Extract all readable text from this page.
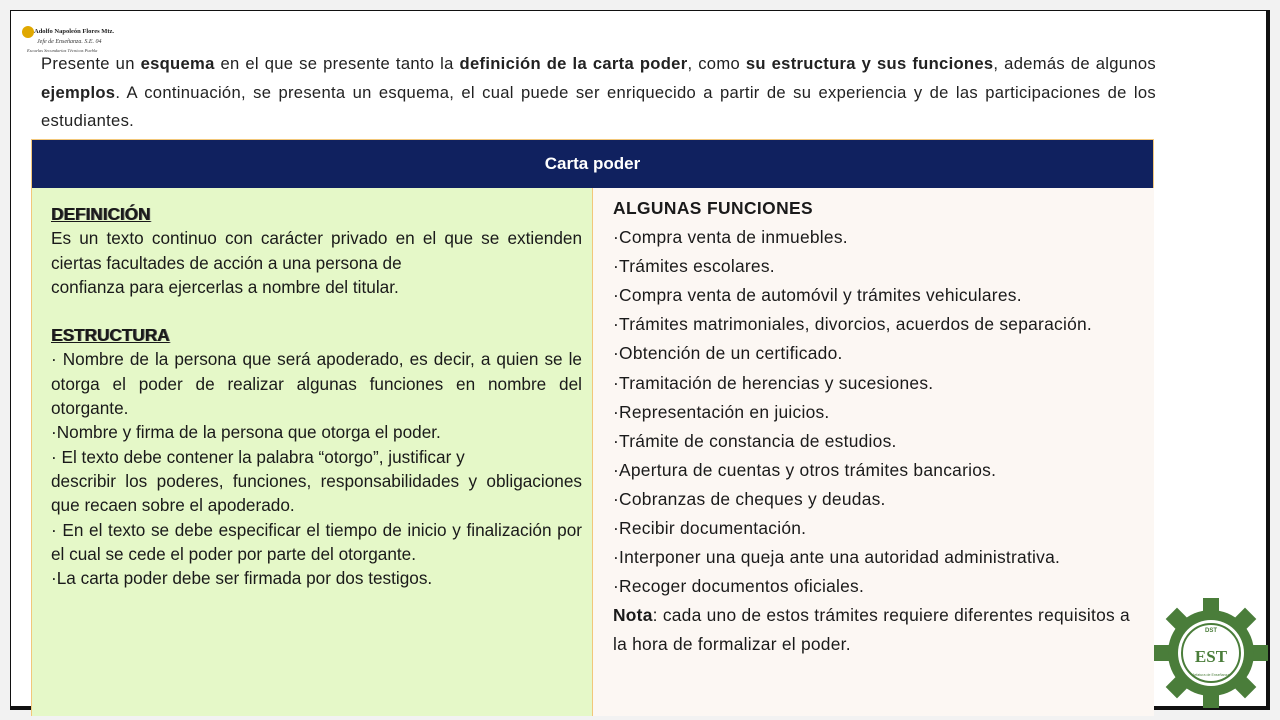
Adolfo Napoleón Flores Mtz.
Jefe de Enseñanza. S.E. 04
Escuelas Secundarias Técnicas Puebla
Presente un esquema en el que se presente tanto la definición de la carta poder, como su estructura y sus funciones, además de algunos ejemplos. A continuación, se presenta un esquema, el cual puede ser enriquecido a partir de su experiencia y de las participaciones de los estudiantes.
Carta poder
DEFINICIÓN
Es un texto continuo con carácter privado en el que se extienden ciertas facultades de acción a una persona de
confianza para ejercerlas a nombre del titular.
ESTRUCTURA
· Nombre de la persona que será apoderado, es decir, a quien se le otorga el poder de realizar algunas funciones en nombre del otorgante.
·Nombre y firma de la persona que otorga el poder.
· El texto debe contener la palabra “otorgo”, justificar y
describir los poderes, funciones, responsabilidades y obligaciones que recaen sobre el apoderado.
· En el texto se debe especificar el tiempo de inicio y finalización por el cual se cede el poder por parte del otorgante.
·La carta poder debe ser firmada por dos testigos.
ALGUNAS FUNCIONES
·Compra venta de inmuebles.
·Trámites escolares.
·Compra venta de automóvil y trámites vehiculares.
·Trámites matrimoniales, divorcios, acuerdos de separación.
·Obtención de un certificado.
·Tramitación de herencias y sucesiones.
·Representación en juicios.
·Trámite de constancia de estudios.
·Apertura de cuentas y otros trámites bancarios.
·Cobranzas de cheques y deudas.
·Recibir documentación.
·Interponer una queja ante una autoridad administrativa.
·Recoger documentos oficiales.
Nota: cada uno de estos trámites requiere diferentes requisitos a la hora de formalizar el poder.
DST
EST
Jefatura de Enseñanza
